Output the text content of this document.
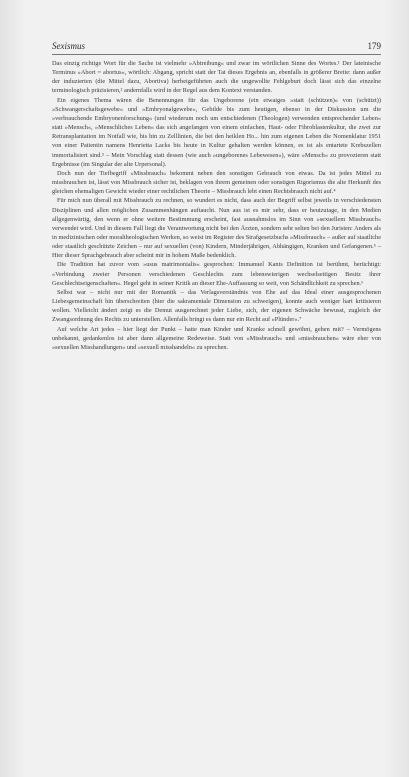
Sexismus	179

Das einzig richtige Wort für die Sache ist vielmehr »Abtreibung« und zwar im wörtlichen Sinne des Wortes.¹ Der lateinische Terminus »Abort = abortus«, wörtlich: Abgang, spricht statt der Tat dieses Ergebnis an, ebenfalls in größerer Breite: dann außer der induzierten (die Mittel dazu, Abortiva) herbeigeführten auch die ungewollte Fehlgeburt doch lässt sich das einzelne terminologisch präzisieren,² andernfalls wird in der Regel aus dem Kontext verstanden.

Ein eigenes Thema wären die Benennungen für das Ungeborene (ein etwaiges »statt (schützen)« von (schützt)) »Schwangerschaftsgewebe« und »Embryonalgewebe«, Gebilde bis zum heutigen, ebenso in der Diskussion um die »verbrauchende Embryonenforschung« (und wiederum noch um entschiedenen (Theologen) verwenden entsprechender Leben« statt »Mensch«, »Menschliches Leben« das sich angefangen von einem einfachen, Haut- oder Fibroblastenkultur, die zwei zur Retransplantation im Notfall wie, bis hin zu Zelllinien, die bei den heiklen Ho... hin zum eigenen Leben die Nomenklatur 1951 von einer Patientin namens Henrietta Lacks bis heute in Kultur gehalten werden können, es ist als entartete Krebszellen immortalisiert sind.³ – Mein Vorschlag statt dessen (wie auch »ungeborenes Lebewesen«), wäre »Mensch« zu provozieren statt Ergebnisse (im Singular der alte Urpersonal).

Doch nun der Tiefbegriff »Missbrauch« bekommt neben den sonstigen Gebrauch von etwas. Da ist jedes Mittel zu missbrauchen ist, lässt von Missbrauch sicher ist, beklagen von ihrem gemeinen oder sonstigen Rigorismus die alte Herkunft des gleichen ehemaligen Gewicht wieder einer rechtlichen Theorie – Missbrauch lebt einen Rechtsbrauch nicht auf.⁴

Für mich nun überall mit Missbrauch zu rechnen, so wundert es nicht, dass auch der Begriff selbst jeweils in verschiedensten Disziplinen und allen möglichen Zusammenhängen auftaucht. Nun aus ist es mir sehr, dass er heutzutage, in den Medien allgegenwärtig, den wenn er ohne weitere Bestimmung erscheint, fast ausnahmslos im Sinn von »sexuellem Missbrauch« verwendet wird. Und in diesem Fall liegt die Verantwortung nicht bei den Ärzten, sondern sehr selten bei den Juristen: Anders als in medizinischen oder moraltheologischen Werken, so weist im Register des Strafgesetzbuchs »Missbrauch« – außer auf staatliche oder staatlich geschützte Zeichen – nur auf sexuellen (von) Kindern, Minderjährigen, Abhängigen, Kranken und Gefangenen.⁵ – Hier dieser Sprachgebrauch aber scheint mir in hohem Maße bedenklich.

Die Tradition hat zuvor vom »usus matrimonialis« gesprochen: Immanuel Kants Definition ist berühmt, berüchtigt: »Verbindung zweier Personen verschiedenen Geschlechts zum lebenswierigen wechselseitigen Besitz ihrer Geschlechtseigenschaften«. Hegel geht in seiner Kritik an dieser Ehe-Auffassung so weit, von Schändlichkeit zu sprechen.⁶

Selbst war – nicht nur mit der Romantik – das Verlagsverständnis von Ehe auf das Ideal einer ausgesprochenen Liebesgemeinschaft hin überschreiten (hier die sakramentale Dimension zu schweigen), konnte auch weniger hart kritisieren wollen. Vielleicht ändert zeigt es die Demut ausgerechnet jeder Liebe, sich, der eigenen Schwäche bewusst, zugleich der Zwangsordnung des Rechts zu unterstellen. Allenfalls bringt es dann nur ein Recht auf »Plünder«.⁷

Auf welche Art jedes – hier liegt der Punkt – hatte man Kinder und Kranke schnell gewöhnt, gehen mit? – Vermögens unbekannt, gedankenlos ist aber dann allgemeine Redeweise. Statt von »Missbrauch« und »missbrauchen« wäre eher von »sexuellen Misshandlungen« und »sexuell misshandeln« zu sprechen.
